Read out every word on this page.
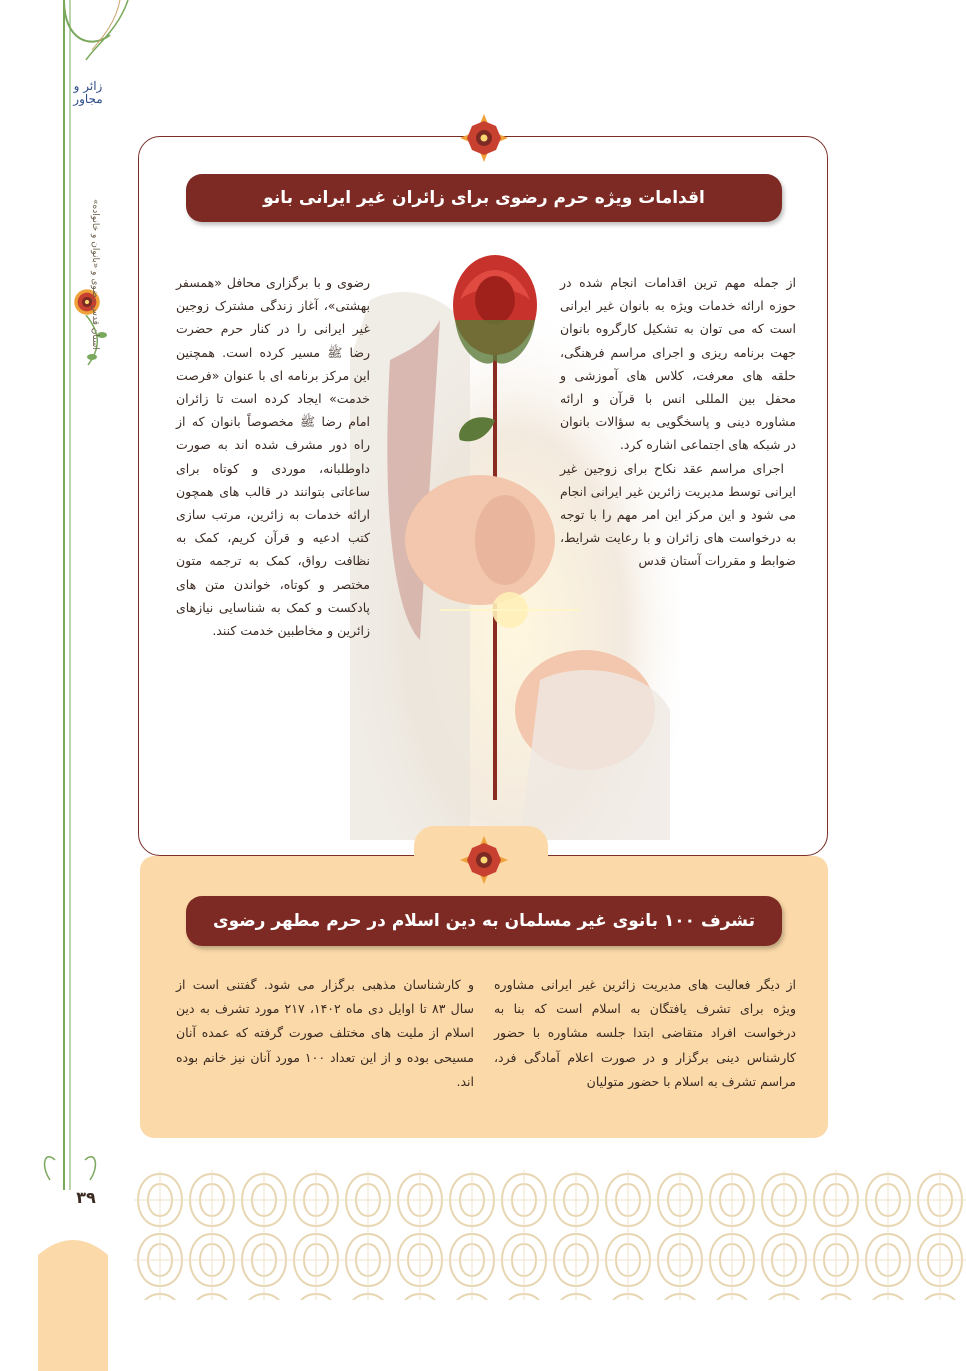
زائر و مجاور
آستان قدس رضوی و «بانوان و خانواده»
۳۹
اقدامات ویژه حرم رضوی برای زائران غیر ایرانی بانو

از جمله مهم ترین اقدامات انجام شده در حوزه ارائه خدمات ویژه به بانوان غیر ایرانی است که می توان به تشکیل کارگروه بانوان جهت برنامه ریزی و اجرای مراسم فرهنگی، حلقه های معرفت، کلاس های آموزشی و محفل بین المللی انس با قرآن و ارائه مشاوره دینی و پاسخگویی به سؤالات بانوان در شبکه های اجتماعی اشاره کرد.

اجرای مراسم عقد نکاح برای زوجین غیر ایرانی توسط مدیریت زائرین غیر ایرانی انجام می شود و این مرکز این امر مهم را با توجه به درخواست های زائران و با رعایت شرایط، ضوابط و مقررات آستان قدس

رضوی و با برگزاری محافل «همسفر بهشتی»، آغاز زندگی مشترک زوجین غیر ایرانی را در کنار حرم حضرت رضا ﷺ مسیر کرده است. همچنین این مرکز برنامه ای با عنوان «فرصت خدمت» ایجاد کرده است تا زائران امام رضا ﷺ مخصوصاً بانوان که از راه دور مشرف شده اند به صورت داوطلبانه، موردی و کوتاه برای ساعاتی بتوانند در قالب های همچون ارائه خدمات به زائرین، مرتب سازی کتب ادعیه و قرآن کریم، کمک به نظافت رواق، کمک به ترجمه متون مختصر و کوتاه، خواندن متن های پادکست و کمک به شناسایی نیازهای زائرین و مخاطبین خدمت کنند.

تشرف ۱۰۰ بانوی غیر مسلمان به دین اسلام در حرم مطهر رضوی

از دیگر فعالیت های مدیریت زائرین غیر ایرانی مشاوره ویژه برای تشرف یافتگان به اسلام است که بنا به درخواست افراد متقاضی ابتدا جلسه مشاوره با حضور کارشناس دینی برگزار و در صورت اعلام آمادگی فرد، مراسم تشرف به اسلام با حضور متولیان

و کارشناسان مذهبی برگزار می شود. گفتنی است از سال ۸۳ تا اوایل دی ماه ۱۴۰۲، ۲۱۷ مورد تشرف به دین اسلام از ملیت های مختلف صورت گرفته که عمده آنان مسیحی بوده و از این تعداد ۱۰۰ مورد آنان نیز خانم بوده اند.
